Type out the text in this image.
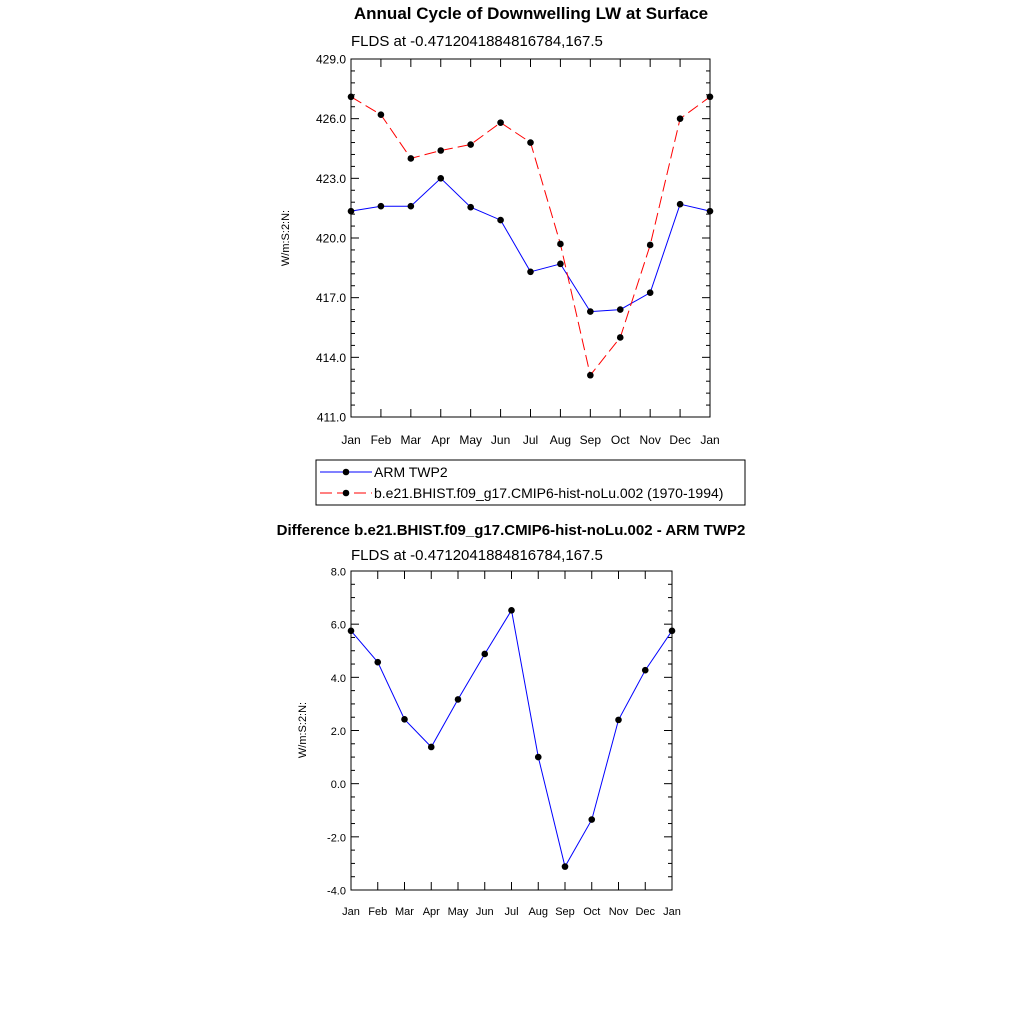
Annual Cycle of Downwelling LW at Surface
FLDS at -0.4712041884816784,167.5
W/m:S:2:N:
Jan Feb Mar Apr May Jun Jul Aug Sep Oct Nov Dec Jan
411.0
414.0
417.0
420.0
423.0
426.0
429.0
ARM TWP2
b.e21.BHIST.f09_g17.CMIP6-hist-noLu.002 (1970-1994)
Difference b.e21.BHIST.f09_g17.CMIP6-hist-noLu.002 - ARM TWP2
FLDS at -0.4712041884816784,167.5
W/m:S:2:N:
Jan Feb Mar Apr May Jun Jul Aug Sep Oct Nov Dec Jan
-4.0
-2.0
0.0
2.0
4.0
6.0
8.0
